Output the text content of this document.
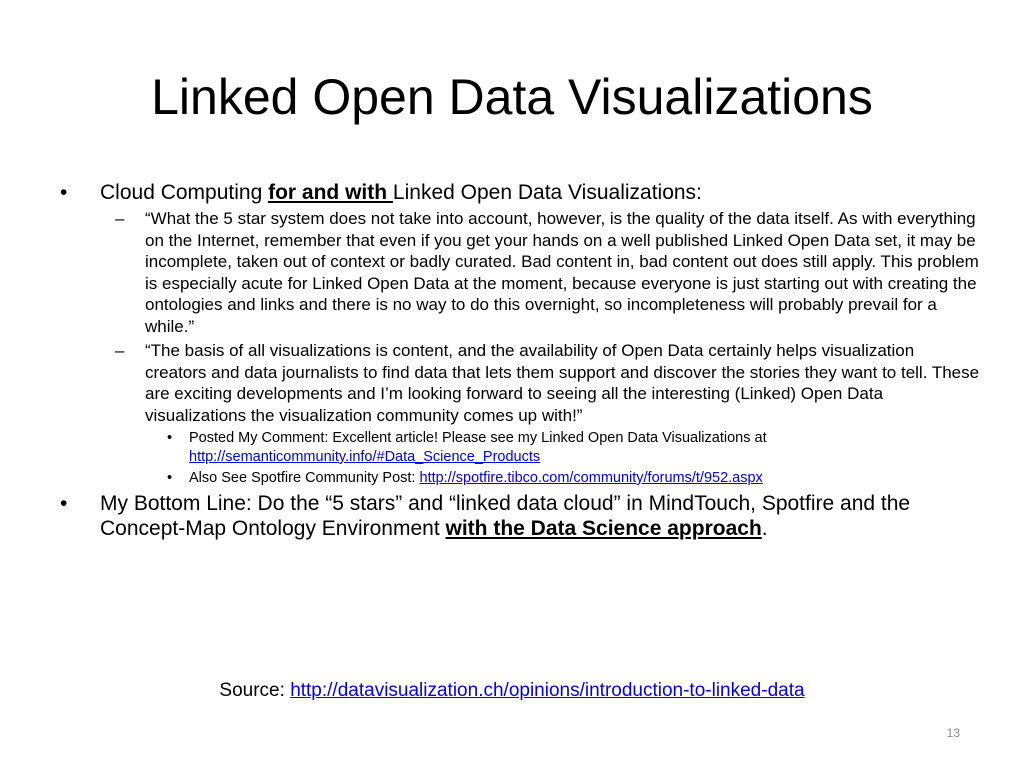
Linked Open Data Visualizations
• Cloud Computing for and with Linked Open Data Visualizations:
– “What the 5 star system does not take into account, however, is the quality of the data itself. As with everything on the Internet, remember that even if you get your hands on a well published Linked Open Data set, it may be incomplete, taken out of context or badly curated. Bad content in, bad content out does still apply. This problem is especially acute for Linked Open Data at the moment, because everyone is just starting out with creating the ontologies and links and there is no way to do this overnight, so incompleteness will probably prevail for a while.”
– “The basis of all visualizations is content, and the availability of Open Data certainly helps visualization creators and data journalists to find data that lets them support and discover the stories they want to tell. These are exciting developments and I’m looking forward to seeing all the interesting (Linked) Open Data visualizations the visualization community comes up with!”
• Posted My Comment: Excellent article! Please see my Linked Open Data Visualizations at http://semanticommunity.info/#Data_Science_Products
• Also See Spotfire Community Post: http://spotfire.tibco.com/community/forums/t/952.aspx
• My Bottom Line: Do the “5 stars” and “linked data cloud” in MindTouch, Spotfire and the Concept-Map Ontology Environment with the Data Science approach.
Source: http://datavisualization.ch/opinions/introduction-to-linked-data
13
